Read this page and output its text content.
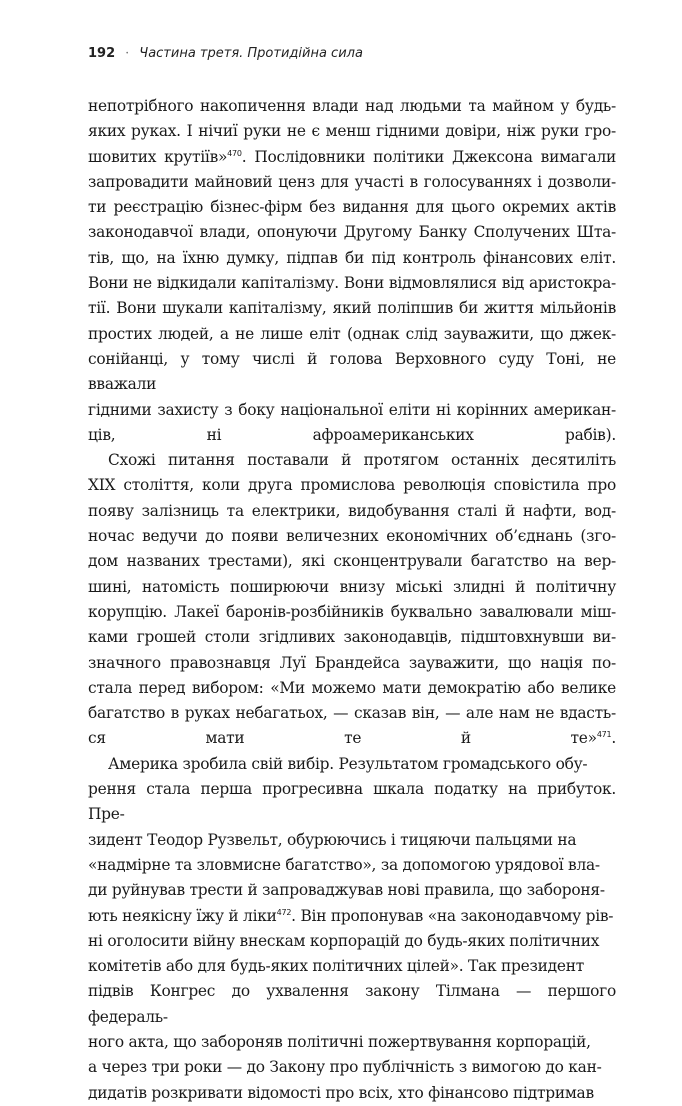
192 · Частина третя. Протидійна сила

непотрібного накопичення влади над людьми та майном у будь-
яких руках. І нічиї руки не є менш гідними довіри, ніж руки гро-
шовитих крутіїв»$^{470}$. Послідовники політики Джексона вимагали
запровадити майновий ценз для участі в голосуваннях і дозволи-
ти реєстрацію бізнес-фірм без видання для цього окремих актів
законодавчої влади, опонуючи Другому Банку Сполучених Шта-
тів, що, на їхню думку, підпав би під контроль фінансових еліт.
Вони не відкидали капіталізму. Вони відмовлялися від аристокра-
тії. Вони шукали капіталізму, який поліпшив би життя мільйонів
простих людей, а не лише еліт (однак слід зауважити, що джек-
сонійанці, у тому числі й голова Верховного суду Тоні, не вважали
гідними захисту з боку національної еліти ні корінних американ-
ців, ні афроамериканських рабів).

Схожі питання поставали й протягом останніх десятиліть
XIX століття, коли друга промислова революція сповістила про
появу залізниць та електрики, видобування сталі й нафти, вод-
ночас ведучи до появи величезних економічних об’єднань (зго-
дом названих трестами), які сконцентрували багатство на вер-
шині, натомість поширюючи внизу міські злидні й політичну
корупцію. Лакеї баронів-розбійників буквально завалювали міш-
ками грошей столи згідливих законодавців, підштовхнувши ви-
значного правознавця Луї Брандейса зауважити, що нація по-
стала перед вибором: «Ми можемо мати демократію або велике
багатство в руках небагатьох, — сказав він, — але нам не вдасть-
ся мати те й те»$^{471}$.

Америка зробила свій вибір. Результатом громадського обу-
рення стала перша прогресивна шкала податку на прибуток. Пре-
зидент Теодор Рузвельт, обурюючись і тицяючи пальцями на
«надмірне та зловмисне багатство», за допомогою урядової вла-
ди руйнував трести й запроваджував нові правила, що забороня-
ють неякісну їжу й ліки$^{472}$. Він пропонував «на законодавчому рів-
ні оголосити війну внескам корпорацій до будь-яких політичних
комітетів або для будь-яких політичних цілей». Так президент
підвів Конгрес до ухвалення закону Тілмана — першого федераль-
ного акта, що забороняв політичні пожертвування корпорацій,
а через три роки — до Закону про публічність з вимогою до кан-
дидатів розкривати відомості про всіх, хто фінансово підтримав
